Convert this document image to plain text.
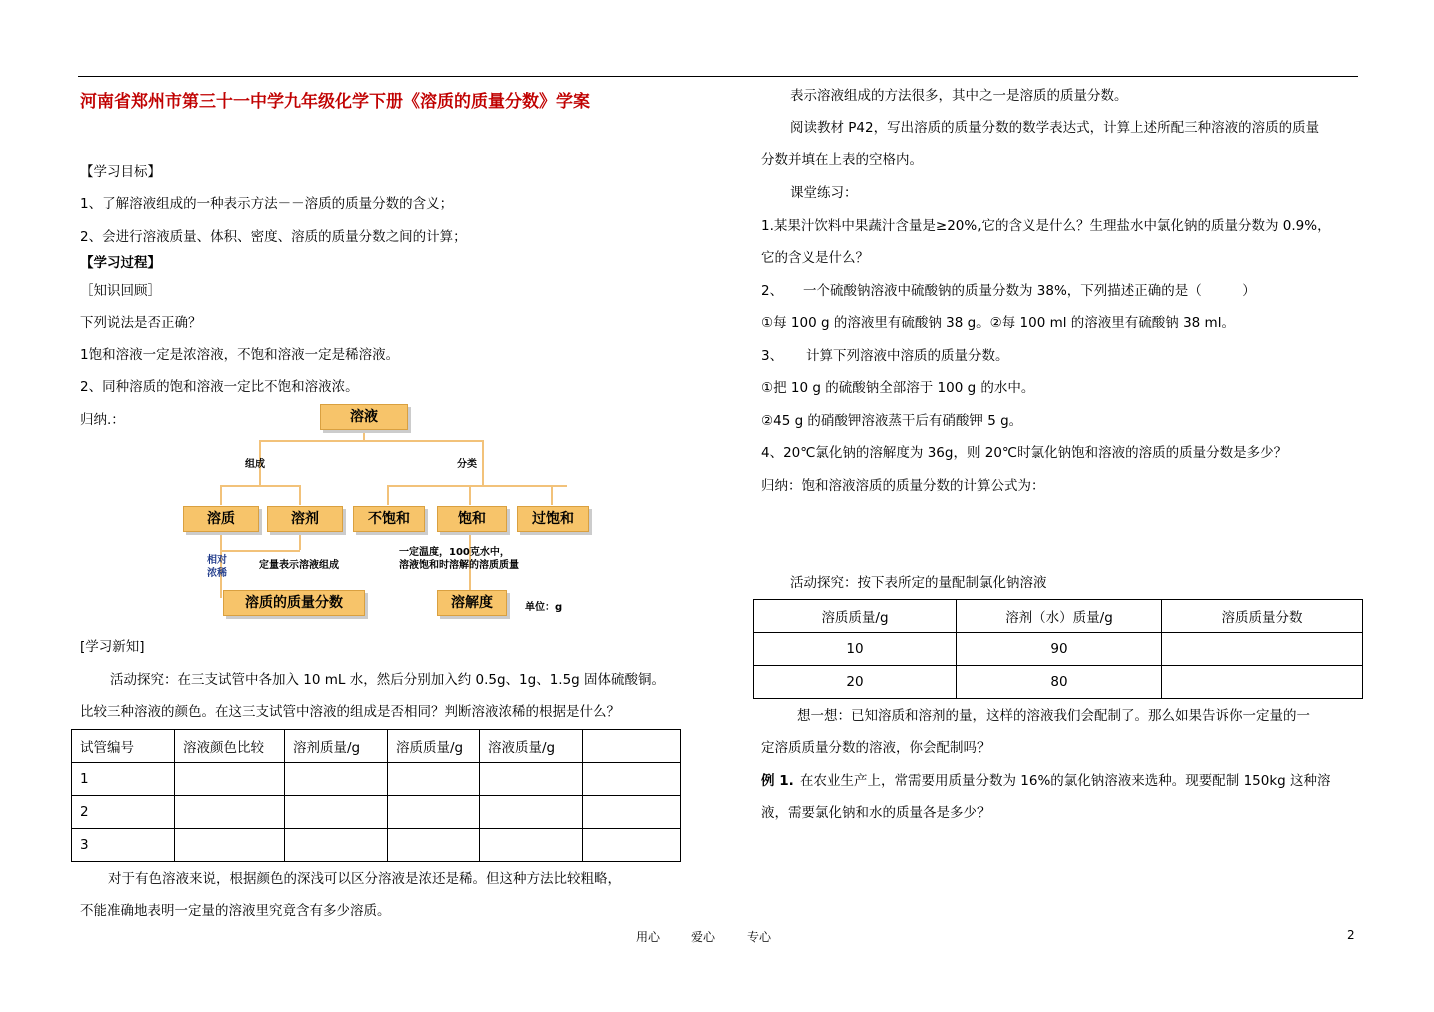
河南省郑州市第三十一中学九年级化学下册《溶质的质量分数》学案
【学习目标】
1、了解溶液组成的一种表示方法－－溶质的质量分数的含义；
2、会进行溶液质量、体积、密度、溶质的质量分数之间的计算；
【学习过程】
［知识回顾］
下列说法是否正确？
1饱和溶液一定是浓溶液，不饱和溶液一定是稀溶液。
2、同种溶质的饱和溶液一定比不饱和溶液浓。
归纳.：	溶液
组成	分类
溶质	溶剂	不饱和	饱和	过饱和
相对
浓稀
定量表示溶液组成
一定温度，100克水中，
溶液饱和时溶解的溶质质量
溶质的质量分数	溶解度	单位：g
[学习新知]
活动探究：在三支试管中各加入 10 mL 水，然后分别加入约 0.5g、1g、1.5g 固体硫酸铜。
比较三种溶液的颜色。在这三支试管中溶液的组成是否相同？判断溶液浓稀的根据是什么？
试管编号	溶液颜色比较	溶剂质量/g	溶质质量/g	溶液质量/g	
1					
2					
3					
对于有色溶液来说，根据颜色的深浅可以区分溶液是浓还是稀。但这种方法比较粗略，
不能准确地表明一定量的溶液里究竟含有多少溶质。
表示溶液组成的方法很多，其中之一是溶质的质量分数。
阅读教材 P42，写出溶质的质量分数的数学表达式，计算上述所配三种溶液的溶质的质量
分数并填在上表的空格内。
课堂练习：
1.某果汁饮料中果蔬汁含量是≥20%,它的含义是什么？生理盐水中氯化钠的质量分数为 0.9%，
它的含义是什么？
2、 一个硫酸钠溶液中硫酸钠的质量分数为 38%，下列描述正确的是（　　　）
①每 100 g 的溶液里有硫酸钠 38 g。②每 100 ml 的溶液里有硫酸钠 38 ml。
3、 计算下列溶液中溶质的质量分数。
①把 10 g 的硫酸钠全部溶于 100 g 的水中。
②45 g 的硝酸钾溶液蒸干后有硝酸钾 5 g。
4、20℃氯化钠的溶解度为 36g，则 20℃时氯化钠饱和溶液的溶质的质量分数是多少？
归纳：饱和溶液溶质的质量分数的计算公式为：
活动探究：按下表所定的量配制氯化钠溶液
溶质质量/g	溶剂（水）质量/g	溶质质量分数
10	90	
20	80	
想一想：已知溶质和溶剂的量，这样的溶液我们会配制了。那么如果告诉你一定量的一
定溶质质量分数的溶液，你会配制吗？
例 1. 在农业生产上，常需要用质量分数为 16%的氯化钠溶液来选种。现要配制 150kg 这种溶
液，需要氯化钠和水的质量各是多少？
用心	爱心	专心	2
